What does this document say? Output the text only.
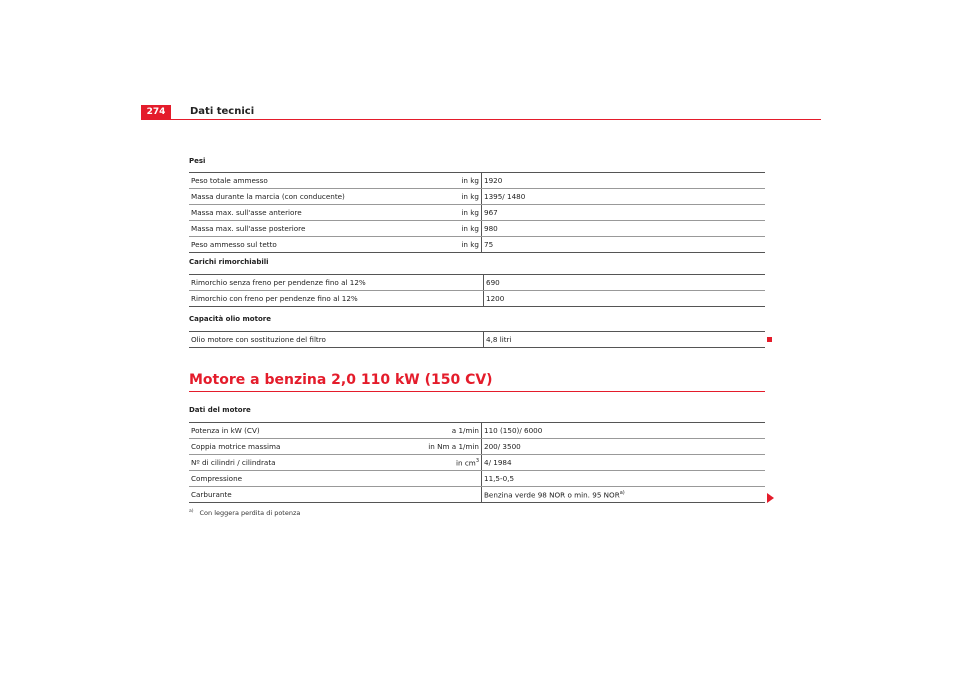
274	Dati tecnici
Pesi
Peso totale ammesso	in kg	1920
Massa durante la marcia (con conducente)	in kg	1395/ 1480
Massa max. sull'asse anteriore	in kg	967
Massa max. sull'asse posteriore	in kg	980
Peso ammesso sul tetto	in kg	75
Carichi rimorchiabili
Rimorchio senza freno per pendenze fino al 12%	690
Rimorchio con freno per pendenze fino al 12%	1200
Capacità olio motore
Olio motore con sostituzione del filtro	4,8 litri
Motore a benzina 2,0 110 kW (150 CV)
Dati del motore
Potenza in kW (CV)	a 1/min	110 (150)/ 6000
Coppia motrice massima	in Nm a 1/min	200/ 3500
Nº di cilindri / cilindrata	in $cm^3$	4/ 1984
Compressione		11,5-0,5
Carburante		Benzina verde 98 NOR o min. 95 NOR$^{a)}$
$^{a)}$ Con leggera perdita di potenza
